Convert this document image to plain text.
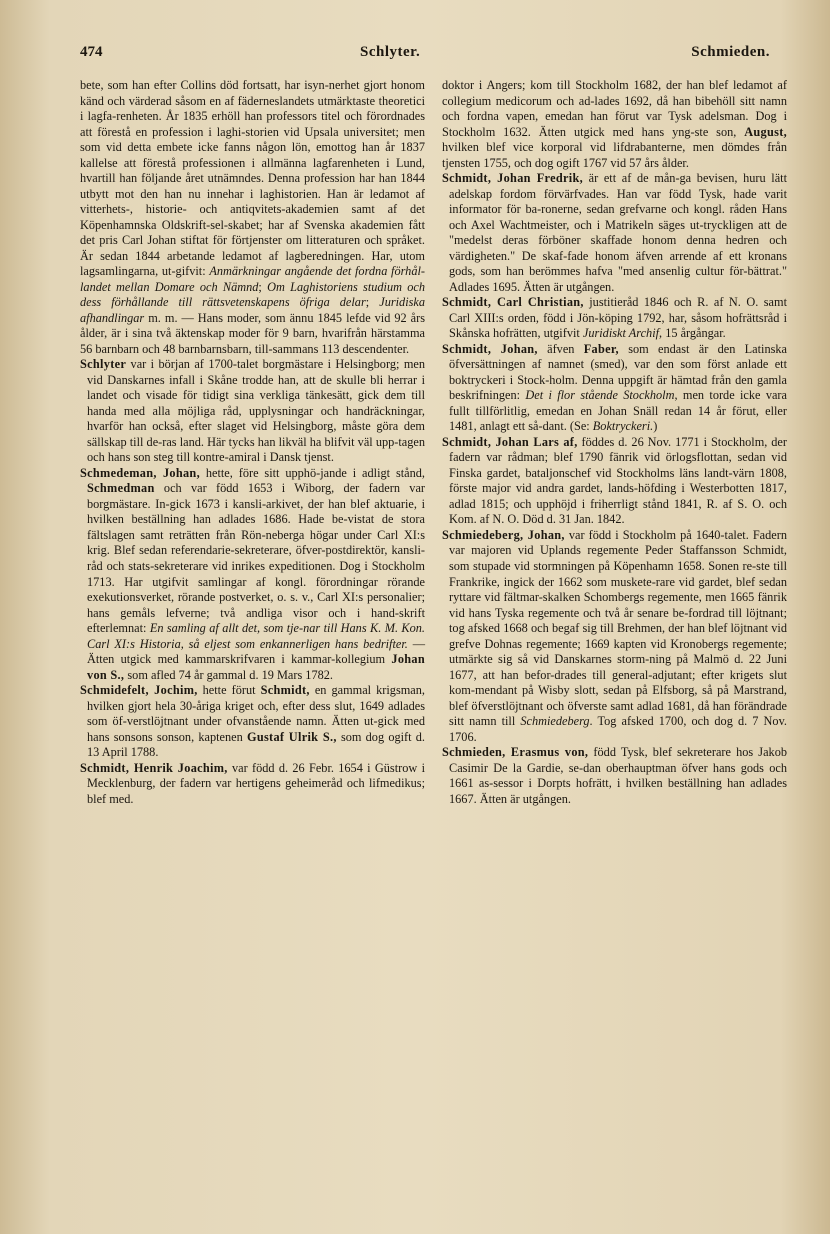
474	Schlyter.	Schmieden.

bete, som han efter Collins död fortsatt, har isyn-nerhet gjort honom känd och värderad såsom en af fäderneslandets utmärktaste theoretici i lagfa-renheten. År 1835 erhöll han professors titel och förordnades att förestå en profession i laghi-storien vid Upsala universitet; men som vid detta embete icke fanns någon lön, emottog han år 1837 kallelse att förestå professionen i allmänna lagfarenheten i Lund, hvartill han följande året utnämndes. Denna profession har han 1844 utbytt mot den han nu innehar i laghistorien. Han är ledamot af vitterhets-, historie- och antiqvitets-akademien samt af det Köpenhamnska Oldskrift-sel-skabet; har af Svenska akademien fått det pris Carl Johan stiftat för förtjenster om litteraturen och språket. Är sedan 1844 arbetande ledamot af lagberedningen. Har, utom lagsamlingarna, ut-gifvit: Anmärkningar angående det fordna förhål-landet mellan Domare och Nämnd; Om Laghistoriens studium och dess förhållande till rättsvetenskapens öfriga delar; Juridiska afhandlingar m. m. — Hans moder, som ännu 1845 lefde vid 92 års ålder, är i sina två äktenskap moder för 9 barn, hvarifrån härstamma 56 barnbarn och 48 barnbarnsbarn, till-sammans 113 descendenter.

Schlyter var i början af 1700-talet borgmästare i Helsingborg; men vid Danskarnes infall i Skåne trodde han, att de skulle bli herrar i landet och visade för tidigt sina verkliga tänkesätt, gick dem till handa med alla möjliga råd, upplysningar och handräckningar, hvarför han också, efter slaget vid Helsingborg, måste göra dem sällskap till de-ras land. Här tycks han likväl ha blifvit väl upp-tagen och hans son steg till kontre-amiral i Dansk tjenst.

Schmedeman, Johan, hette, före sitt upphö-jande i adligt stånd, Schmedman och var född 1653 i Wiborg, der fadern var borgmästare. In-gick 1673 i kansli-arkivet, der han blef aktuarie, i hvilken beställning han adlades 1686. Hade be-vistat de stora fältslagen samt reträtten från Rön-neberga högar under Carl XI:s krig. Blef sedan referendarie-sekreterare, öfver-postdirektör, kansli-råd och stats-sekreterare vid inrikes expeditionen. Dog i Stockholm 1713. Har utgifvit samlingar af kongl. förordningar rörande exekutionsverket, rörande postverket, o. s. v., Carl XI:s personalier; hans gemåls lefverne; två andliga visor och i hand-skrift efterlemnat: En samling af allt det, som tje-nar till Hans K. M. Kon. Carl XI:s Historia, så eljest som enkannerligen hans bedrifter. — Ätten utgick med kammarskrifvaren i kammar-kollegium Johan von S., som afled 74 år gammal d. 19 Mars 1782.

Schmidefelt, Jochim, hette förut Schmidt, en gammal krigsman, hvilken gjort hela 30-åriga kriget och, efter dess slut, 1649 adlades som öf-verstlöjtnant under ofvanstående namn. Ätten ut-gick med hans sonsons sonson, kaptenen Gustaf Ulrik S., som dog ogift d. 13 April 1788.

Schmidt, Henrik Joachim, var född d. 26 Febr. 1654 i Güstrow i Mecklenburg, der fadern var hertigens geheimeråd och lifmedikus; blef med.

doktor i Angers; kom till Stockholm 1682, der han blef ledamot af collegium medicorum och ad-lades 1692, då han bibehöll sitt namn och fordna vapen, emedan han förut var Tysk adelsman. Dog i Stockholm 1632. Ätten utgick med hans yng-ste son, August, hvilken blef vice korporal vid lifdrabanterne, men dömdes från tjensten 1755, och dog ogift 1767 vid 57 års ålder.

Schmidt, Johan Fredrik, är ett af de mån-ga bevisen, huru lätt adelskap fordom förvärfvades. Han var född Tysk, hade varit informator för ba-ronerne, sedan grefvarne och kongl. råden Hans och Axel Wachtmeister, och i Matrikeln säges ut-tryckligen att de "medelst deras förböner skaffade honom denna hedren och värdigheten." De skaf-fade honom äfven arrende af ett kronans gods, som han berömmes hafva "med ansenlig cultur för-bättrat." Adlades 1695. Ätten är utgången.

Schmidt, Carl Christian, justitieråd 1846 och R. af N. O. samt Carl XIII:s orden, född i Jön-köping 1792, har, såsom hofrättsråd i Skånska hofrätten, utgifvit Juridiskt Archif, 15 årgångar.

Schmidt, Johan, äfven Faber, som endast är den Latinska öfversättningen af namnet (smed), var den som först anlade ett boktryckeri i Stock-holm. Denna uppgift är hämtad från den gamla beskrifningen: Det i flor stående Stockholm, men torde icke vara fullt tillförlitlig, emedan en Johan Snäll redan 14 år förut, eller 1481, anlagt ett så-dant. (Se: Boktryckeri.)

Schmidt, Johan Lars af, föddes d. 26 Nov. 1771 i Stockholm, der fadern var rådman; blef 1790 fänrik vid örlogsflottan, sedan vid Finska gardet, bataljonschef vid Stockholms läns landt-värn 1808, förste major vid andra gardet, lands-höfding i Westerbotten 1817, adlad 1815; och upphöjd i friherrligt stånd 1841, R. af S. O. och Kom. af N. O. Död d. 31 Jan. 1842.

Schmiedeberg, Johan, var född i Stockholm på 1640-talet. Fadern var majoren vid Uplands regemente Peder Staffansson Schmidt, som stupade vid stormningen på Köpenhamn 1658. Sonen re-ste till Frankrike, ingick der 1662 som muskete-rare vid gardet, blef sedan ryttare vid fältmar-skalken Schombergs regemente, men 1665 fänrik vid hans Tyska regemente och två år senare be-fordrad till löjtnant; tog afsked 1668 och begaf sig till Brehmen, der han blef löjtnant vid grefve Dohnas regemente; 1669 kapten vid Kronobergs regemente; utmärkte sig så vid Danskarnes storm-ning på Malmö d. 22 Juni 1677, att han befor-drades till general-adjutant; efter krigets slut kom-mendant på Wisby slott, sedan på Elfsborg, så på Marstrand, blef öfverstlöjtnant och öfverste samt adlad 1681, då han förändrade sitt namn till Schmiedeberg. Tog afsked 1700, och dog d. 7 Nov. 1706.

Schmieden, Erasmus von, född Tysk, blef sekreterare hos Jakob Casimir De la Gardie, se-dan oberhauptman öfver hans gods och 1661 as-sessor i Dorpts hofrätt, i hvilken beställning han adlades 1667. Ätten är utgången.
